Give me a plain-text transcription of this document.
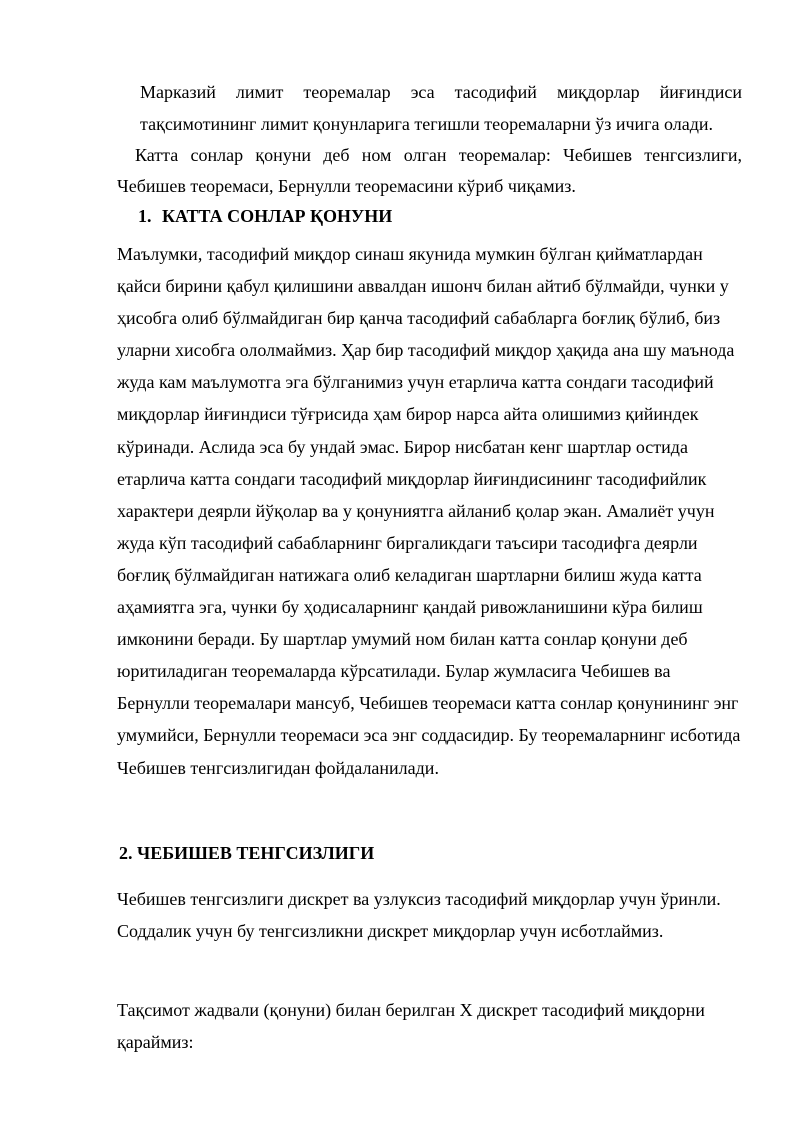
Марказий лимит теоремалар эса тасодифий миқдорлар йиғиндиси тақсимотининг лимит қонунларига тегишли теоремаларни ўз ичига олади.

Катта сонлар қонуни деб ном олган теоремалар: Чебишев тенгсизлиги, Чебишев теоремаси, Бернулли теоремасини кўриб чиқамиз.

1. КАТТА СОНЛАР ҚОНУНИ

Маълумки, тасодифий миқдор синаш якунида мумкин бўлган қийматлардан қайси бирини қабул қилишини аввалдан ишонч билан айтиб бўлмайди, чунки у ҳисобга олиб бўлмайдиган бир қанча тасодифий сабабларга боғлиқ бўлиб, биз уларни хисобга ололмаймиз. Ҳар бир тасодифий миқдор ҳақида ана шу маънода жуда кам маълумотга эга бўлганимиз учун етарлича катта сондаги тасодифий миқдорлар йиғиндиси тўғрисида ҳам бирор нарса айта олишимиз қийиндек кўринади. Аслида эса бу ундай эмас. Бирор нисбатан кенг шартлар остида етарлича катта сондаги тасодифий миқдорлар йиғиндисининг тасодифийлик характери деярли йўқолар ва у қонуниятга айланиб қолар экан. Амалиёт учун жуда кўп тасодифий сабабларнинг биргаликдаги таъсири тасодифга деярли боғлиқ бўлмайдиган натижага олиб келадиган шартларни билиш жуда катта аҳамиятга эга, чунки бу ҳодисаларнинг қандай ривожланишини кўра билиш имконини беради. Бу шартлар умумий ном билан катта сонлар қонуни деб юритиладиган теоремаларда кўрсатилади. Булар жумласига Чебишев ва Бернулли теоремалари мансуб, Чебишев теоремаси катта сонлар қонунининг энг умумийси, Бернулли теоремаси эса энг соддасидир. Бу теоремаларнинг исботида Чебишев тенгсизлигидан фойдаланилади.

2. ЧЕБИШЕВ ТЕНГСИЗЛИГИ

Чебишев тенгсизлиги дискрет ва узлуксиз тасодифий миқдорлар учун ўринли. Соддалик учун бу тенгсизликни дискрет миқдорлар учун исботлаймиз.

Тақсимот жадвали (қонуни) билан берилган X дискрет тасодифий миқдорни қараймиз:
